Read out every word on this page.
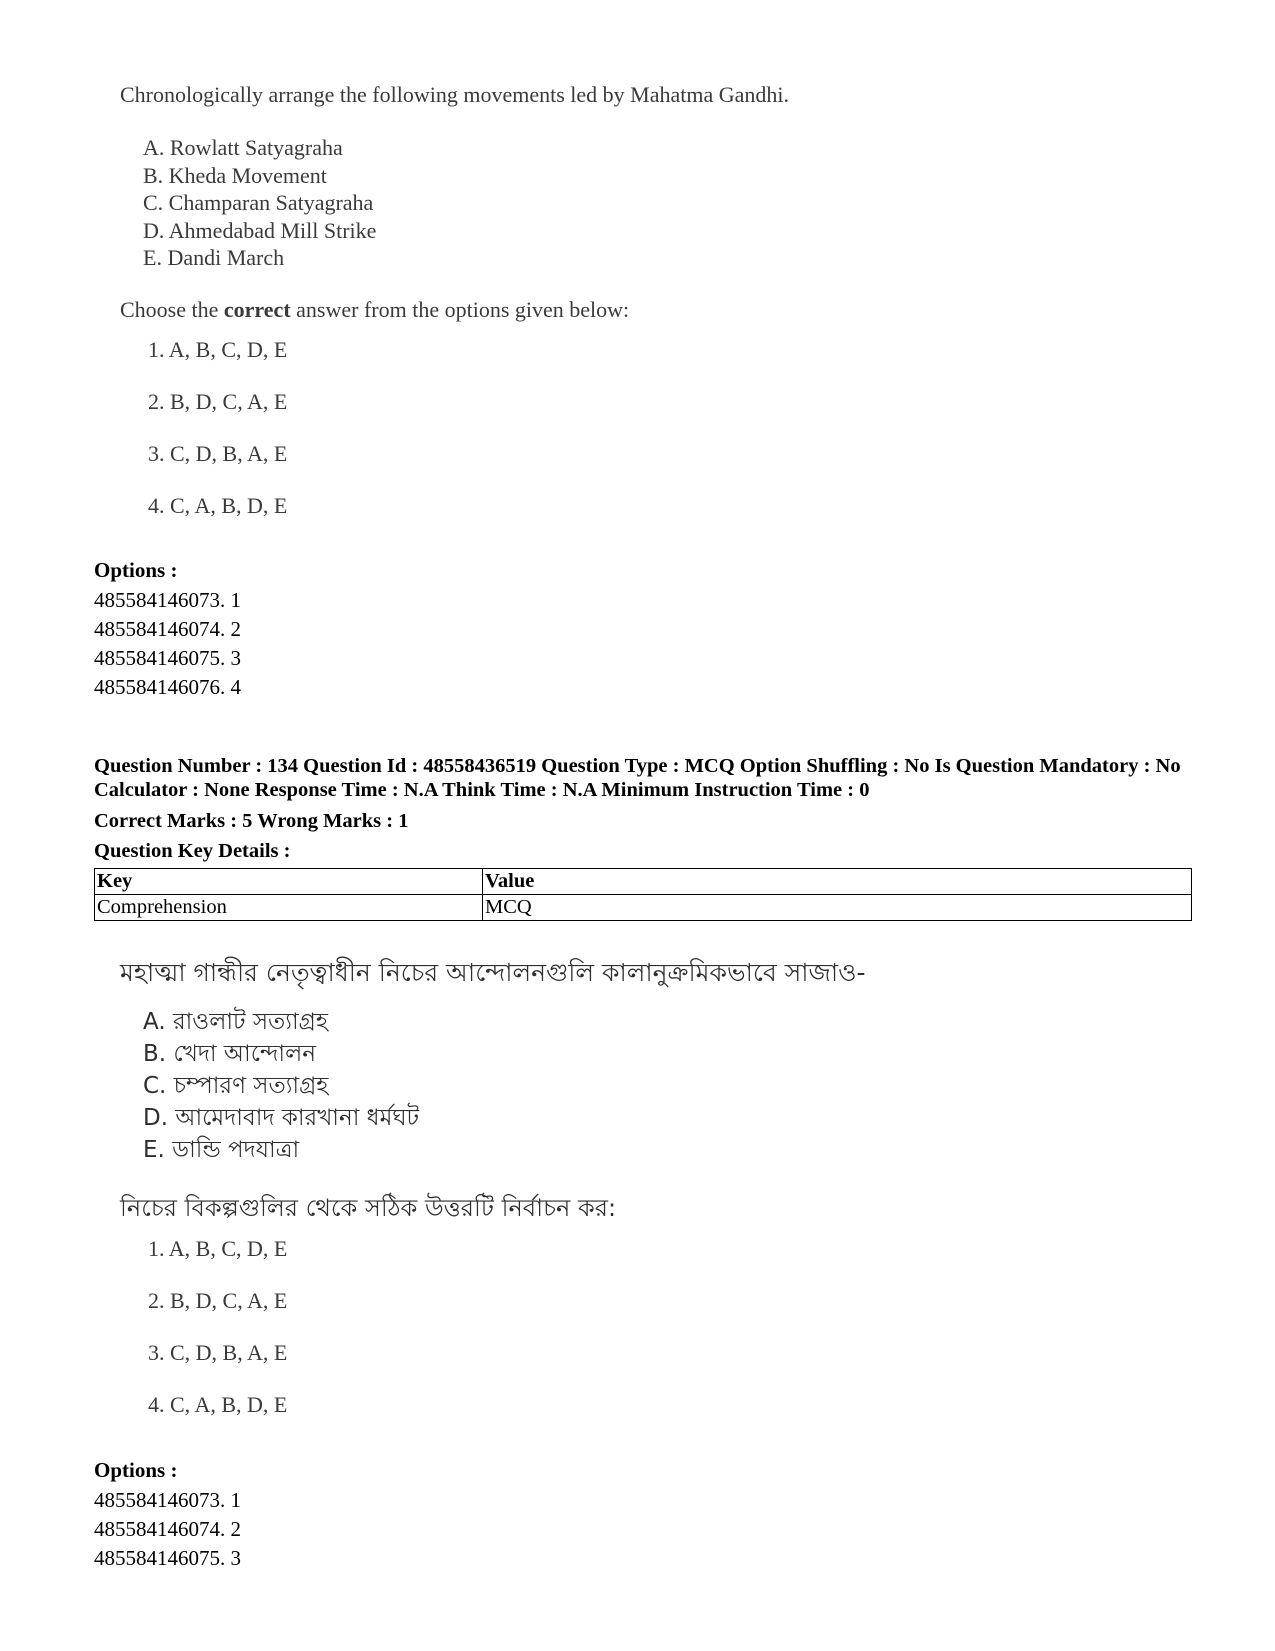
Chronologically arrange the following movements led by Mahatma Gandhi.
A. Rowlatt Satyagraha
B. Kheda Movement
C. Champaran Satyagraha
D. Ahmedabad Mill Strike
E. Dandi March
Choose the correct answer from the options given below:
1. A, B, C, D, E
2. B, D, C, A, E
3. C, D, B, A, E
4. C, A, B, D, E
Options :
485584146073. 1
485584146074. 2
485584146075. 3
485584146076. 4
Question Number : 134 Question Id : 48558436519 Question Type : MCQ Option Shuffling : No Is Question Mandatory : No Calculator : None Response Time : N.A Think Time : N.A Minimum Instruction Time : 0
Correct Marks : 5 Wrong Marks : 1
Question Key Details :
Key	Value
Comprehension	MCQ
মহাত্মা গান্ধীর নেতৃত্বাধীন নিচের আন্দোলনগুলি কালানুক্রমিকভাবে সাজাও-
A. রাওলাট সত্যাগ্রহ
B. খেদা আন্দোলন
C. চম্পারণ সত্যাগ্রহ
D. আমেদাবাদ কারখানা ধর্মঘট
E. ডান্ডি পদযাত্রা
নিচের বিকল্পগুলির থেকে সঠিক উত্তরটি নির্বাচন কর:
1. A, B, C, D, E
2. B, D, C, A, E
3. C, D, B, A, E
4. C, A, B, D, E
Options :
485584146073. 1
485584146074. 2
485584146075. 3
